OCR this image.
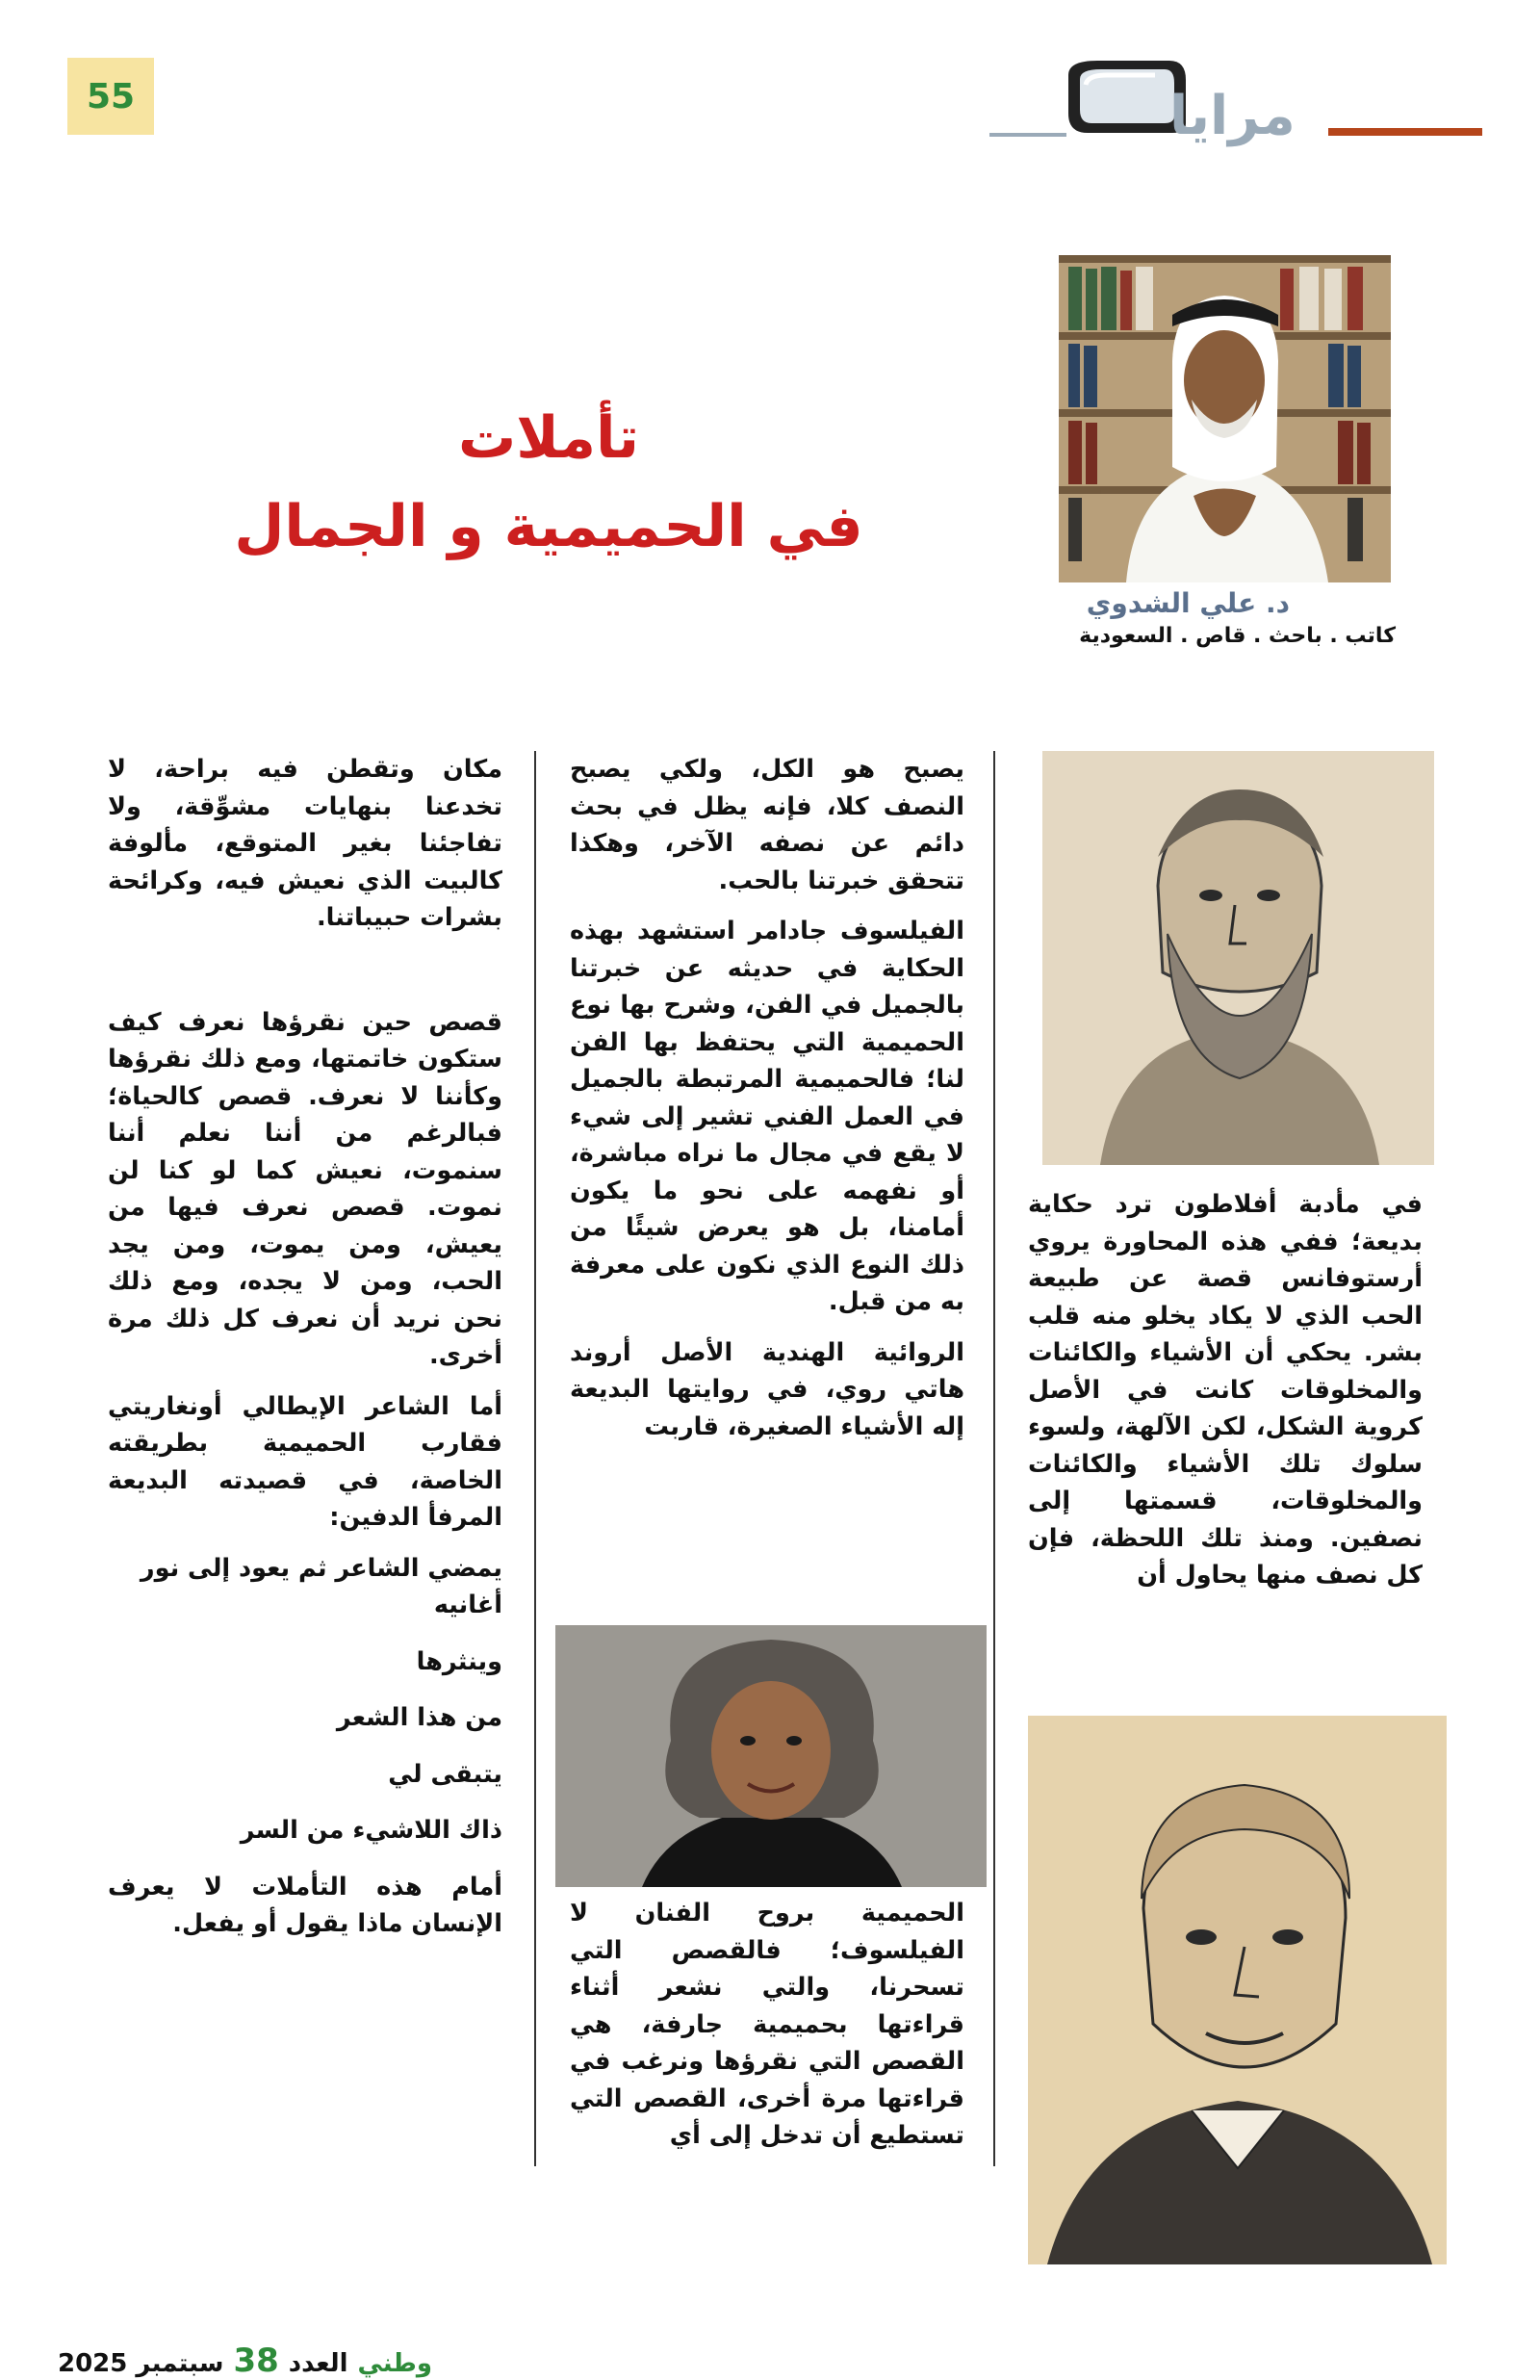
55	مرايا
تأملات
في الحميمية و الجمال
د. علي الشدوي
كاتب . باحث . قاص . السعودية

في مأدبة أفلاطون ترد حكاية بديعة؛ ففي هذه المحاورة يروي أرستوفانس قصة عن طبيعة الحب الذي لا يكاد يخلو منه قلب بشر. يحكي أن الأشياء والكائنات والمخلوقات كانت في الأصل كروية الشكل، لكن الآلهة، ولسوء سلوك تلك الأشياء والكائنات والمخلوقات، قسمتها إلى نصفين. ومنذ تلك اللحظة، فإن كل نصف منها يحاول أن

يصبح هو الكل، ولكي يصبح النصف كلا، فإنه يظل في بحث دائم عن نصفه الآخر، وهكذا تتحقق خبرتنا بالحب.

الفيلسوف جادامر استشهد بهذه الحكاية في حديثه عن خبرتنا بالجميل في الفن، وشرح بها نوع الحميمية التي يحتفظ بها الفن لنا؛ فالحميمية المرتبطة بالجميل في العمل الفني تشير إلى شيء لا يقع في مجال ما نراه مباشرة، أو نفهمه على نحو ما يكون أمامنا، بل هو يعرض شيئًا من ذلك النوع الذي نكون على معرفة به من قبل.

الروائية الهندية الأصل أروند هاتي روي، في روايتها البديعة إله الأشياء الصغيرة، قاربت

الحميمية بروح الفنان لا الفيلسوف؛ فالقصص التي تسحرنا، والتي نشعر أثناء قراءتها بحميمية جارفة، هي القصص التي نقرؤها ونرغب في قراءتها مرة أخرى، القصص التي تستطيع أن تدخل إلى أي

مكان وتقطن فيه براحة، لا تخدعنا بنهايات مشوِّقة، ولا تفاجئنا بغير المتوقع، مألوفة كالبيت الذي نعيش فيه، وكرائحة بشرات حبيباتنا.

قصص حين نقرؤها نعرف كيف ستكون خاتمتها، ومع ذلك نقرؤها وكأننا لا نعرف. قصص كالحياة؛ فبالرغم من أننا نعلم أننا سنموت، نعيش كما لو كنا لن نموت. قصص نعرف فيها من يعيش، ومن يموت، ومن يجد الحب، ومن لا يجده، ومع ذلك نحن نريد أن نعرف كل ذلك مرة أخرى.

أما الشاعر الإيطالي أونغاريتي فقارب الحميمية بطريقته الخاصة، في قصيدته البديعة المرفأ الدفين:

يمضي الشاعر ثم يعود إلى نور أغانيه

وينثرها

من هذا الشعر

يتبقى لي

ذاك اللاشيء من السر

أمام هذه التأملات لا يعرف الإنسان ماذا يقول أو يفعل.

وطني
العدد
38
سبتمبر 2025
